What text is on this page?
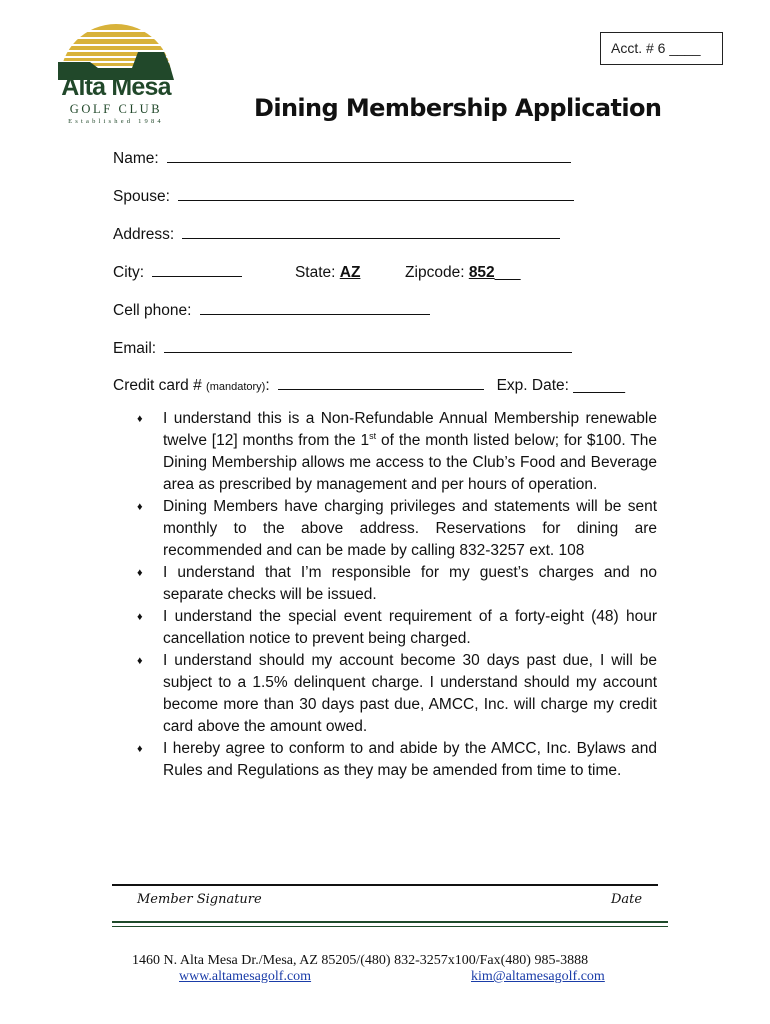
Alta Mesa
GOLF CLUB
Established 1984
Acct. # 6 ____
Dining Membership Application
Name:
Spouse:
Address:
City:	State: AZ	Zipcode: 852___
Cell phone:
Email:
Credit card # (mandatory):	Exp. Date: ______
♦ I understand this is a Non-Refundable Annual Membership renewable twelve [12] months from the 1st of the month listed below; for $100. The Dining Membership allows me access to the Club’s Food and Beverage area as prescribed by management and per hours of operation.
♦ Dining Members have charging privileges and statements will be sent monthly to the above address. Reservations for dining are recommended and can be made by calling 832-3257 ext. 108
♦ I understand that I’m responsible for my guest’s charges and no separate checks will be issued.
♦ I understand the special event requirement of a forty-eight (48) hour cancellation notice to prevent being charged.
♦ I understand should my account become 30 days past due, I will be subject to a 1.5% delinquent charge. I understand should my account become more than 30 days past due, AMCC, Inc. will charge my credit card above the amount owed.
♦ I hereby agree to conform to and abide by the AMCC, Inc. Bylaws and Rules and Regulations as they may be amended from time to time.
Member Signature	Date
1460 N. Alta Mesa Dr./Mesa, AZ 85205/(480) 832-3257x100/Fax(480) 985-3888
www.altamesagolf.com	kim@altamesagolf.com
